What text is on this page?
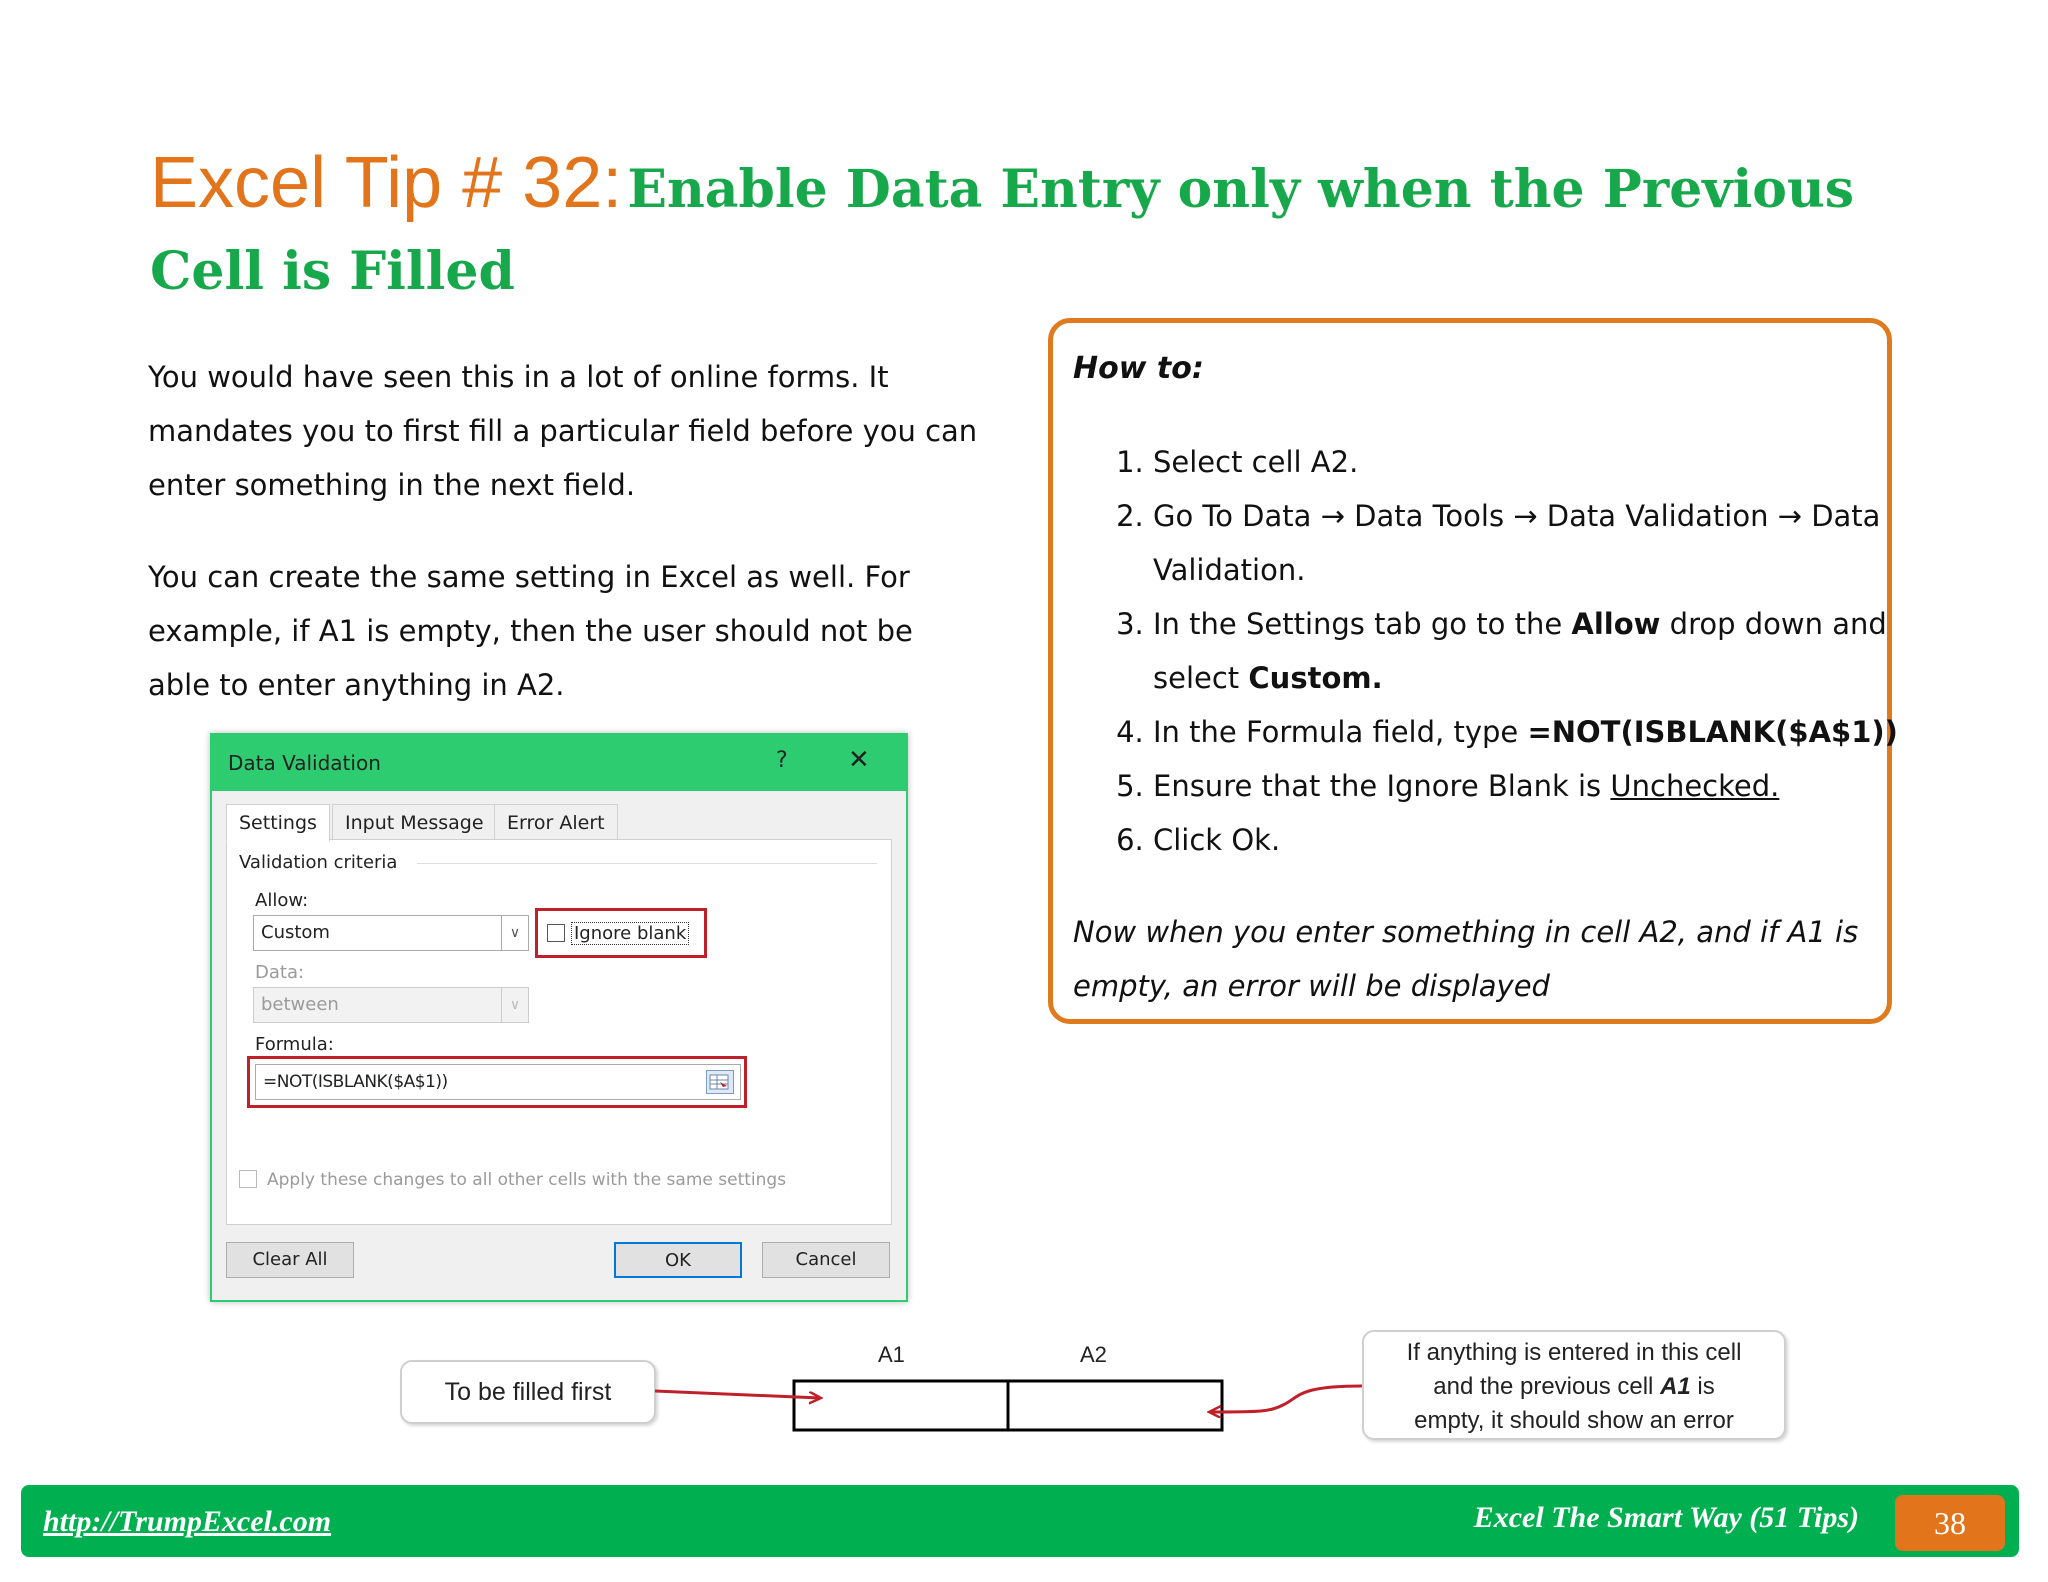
Excel Tip # 32: Enable Data Entry only when the Previous Cell is Filled

You would have seen this in a lot of online forms. It mandates you to first fill a particular field before you can enter something in the next field.

You can create the same setting in Excel as well. For example, if A1 is empty, then the user should not be able to enter anything in A2.

How to:
1. Select cell A2.
2. Go To Data → Data Tools → Data Validation → Data Validation.
3. In the Settings tab go to the Allow drop down and select Custom.
4. In the Formula field, type =NOT(ISBLANK($A$1))
5. Ensure that the Ignore Blank is Unchecked.
6. Click Ok.
Now when you enter something in cell A2, and if A1 is empty, an error will be displayed
Data Validation	? ✕
Settings	Input Message	Error Alert
Validation criteria
Allow:
Custom	∨	Ignore blank
Data:
between	∨
Formula:
=NOT(ISBLANK($A$1))
Apply these changes to all other cells with the same settings
Clear All	OK	Cancel
To be filled first
A1	A2	If anything is entered in this cell
and the previous cell A1 is
empty, it should show an error
http://TrumpExcel.com	Excel The Smart Way (51 Tips)	38
